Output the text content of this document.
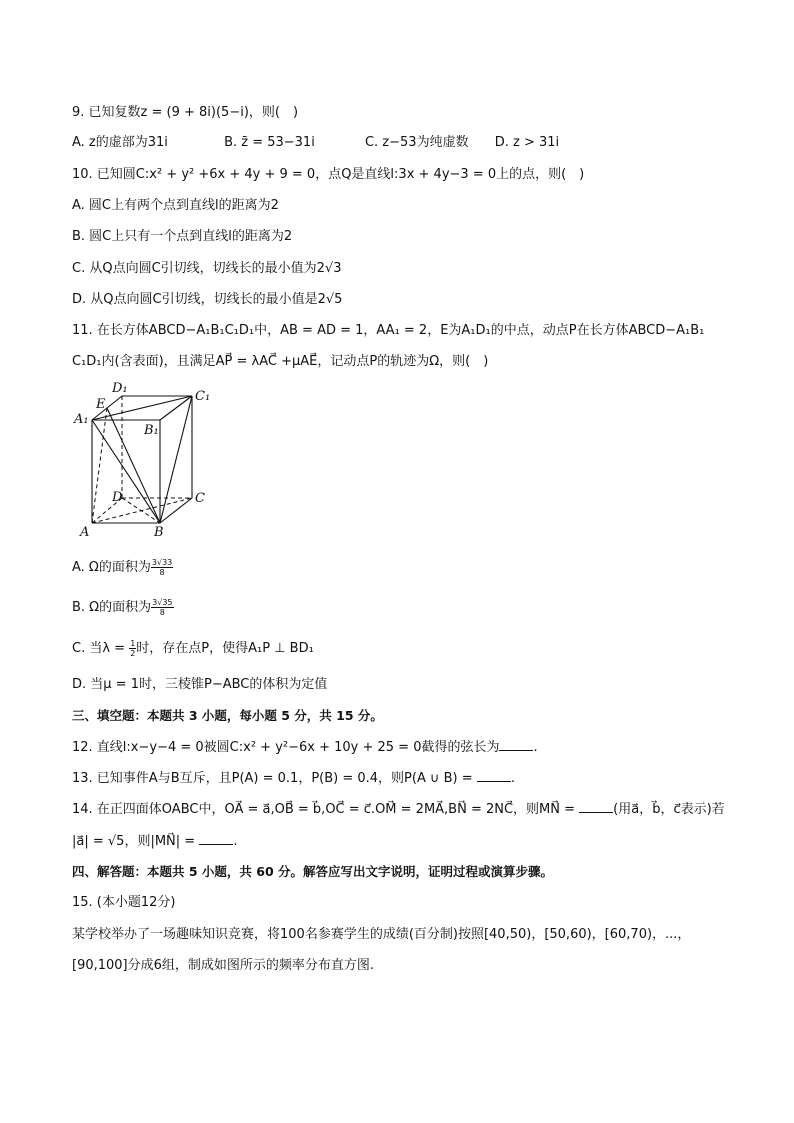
9. 已知复数z = (9 + 8i)(5−i)，则(　)
A. z的虚部为31i	B. z̄ = 53−31i	C. z−53为纯虚数 D. z > 31i
10. 已知圆C:x² + y² +6x + 4y + 9 = 0，点Q是直线l:3x + 4y−3 = 0上的点，则(　)
A. 圆C上有两个点到直线l的距离为2
B. 圆C上只有一个点到直线l的距离为2
C. 从Q点向圆C引切线，切线长的最小值为2√3
D. 从Q点向圆C引切线，切线长的最小值是2√5
11. 在长方体ABCD−A₁B₁C₁D₁中，AB = AD = 1，AA₁ = 2，E为A₁D₁的中点，动点P在长方体ABCD−A₁B₁
C₁D₁内(含表面)，且满足AP⃗ = λAC⃗ +μAE⃗，记动点P的轨迹为Ω，则(　)
D₁
E
A₁
B₁
C₁
D	C
A	B
A. Ω的面积为 $\frac{3√33}{8}$
B. Ω的面积为 $\frac{3√35}{8}$
C. 当$\lambda = \frac{1}{2}$ 时，存在点P，使得A₁P ⊥ BD₁
D. 当μ = 1时，三棱锥P−ABC的体积为定值
三、填空题：本题共 3 小题，每小题 5 分，共 15 分。
12. 直线l:x−y−4 = 0被圆C:x² + y²−6x + 10y + 25 = 0截得的弦长为	.
13. 已知事件A与B互斥，且P(A) = 0.1，P(B) = 0.4，则P(A ∪ B) =	.
14. 在正四面体OABC中，OA⃗ = a⃗,OB⃗ = b⃗,OC⃗ = c⃗.OM⃗ = 2MA⃗,BN⃗ = 2NC⃗，则MN⃗ =	(用a⃗，b⃗，c⃗表示)若
|a⃗| = √5，则|MN⃗| =	.
四、解答题：本题共 5 小题，共 60 分。解答应写出文字说明，证明过程或演算步骤。
15. (本小题12分)
某学校举办了一场趣味知识竞赛，将100名参赛学生的成绩(百分制)按照[40,50)，[50,60)，[60,70)，...，
[90,100]分成6组，制成如图所示的频率分布直方图.
